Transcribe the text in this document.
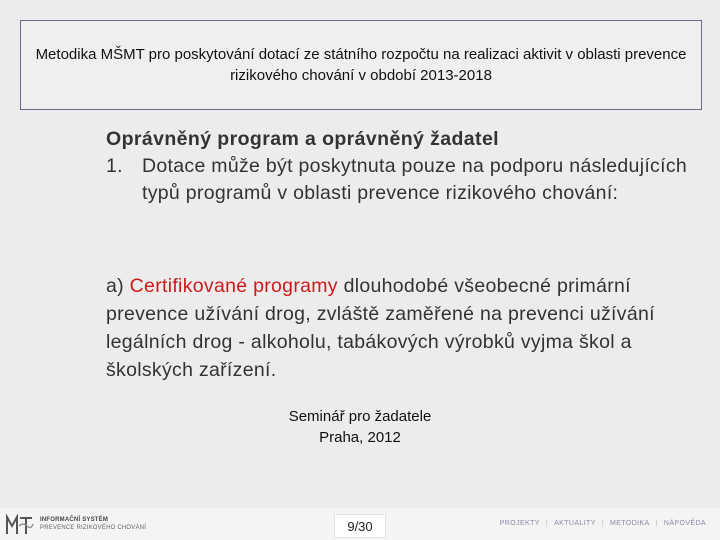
Metodika MŠMT pro poskytování dotací ze státního rozpočtu na realizaci aktivit v oblasti prevence rizikového chování v období 2013-2018
Oprávněný program a oprávněný žadatel
1. Dotace může být poskytnuta pouze na podporu následujících typů programů v oblasti prevence rizikového chování:
a) Certifikované programy dlouhodobé všeobecné primární prevence užívání drog, zvláště zaměřené na prevenci užívání legálních drog - alkoholu, tabákových výrobků vyjma škol a školských zařízení.
Seminář pro žadatele
Praha, 2012
INFORMAČNÍ SYSTÉM
PREVENCE RIZIKOVÉHO CHOVÁNÍ	9/30	PROJEKTY | AKTUALITY | METODIKA | NÁPOVĚDA
